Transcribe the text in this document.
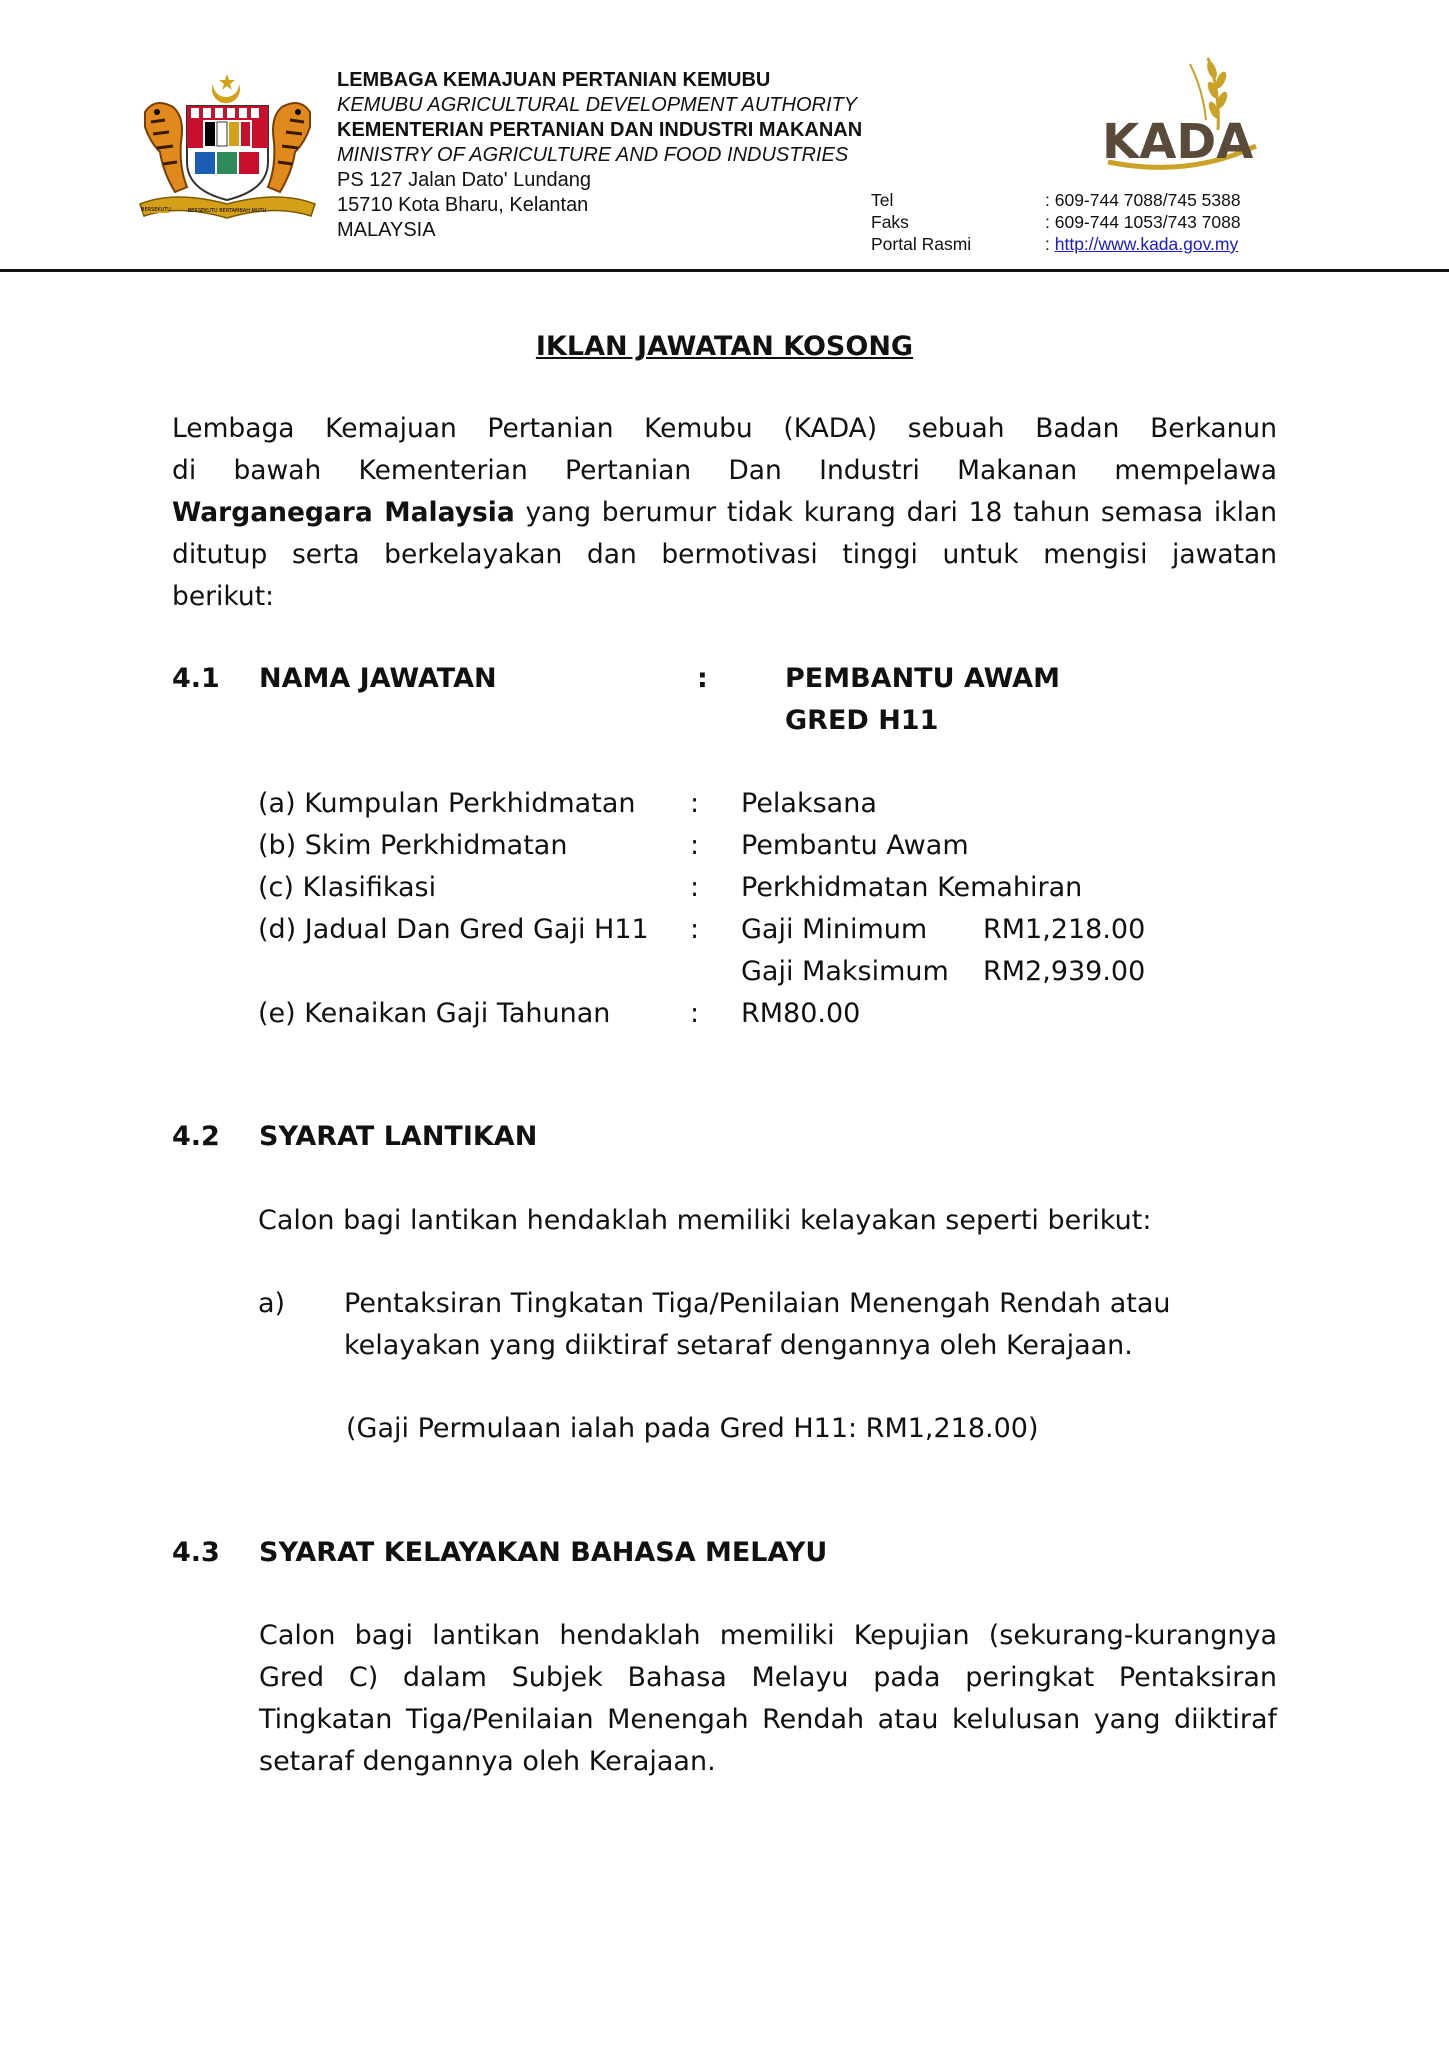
BERSEKUTU	BERSEKUTU BERTAMBAH MUTU
LEMBAGA KEMAJUAN PERTANIAN KEMUBU
KEMUBU AGRICULTURAL DEVELOPMENT AUTHORITY
KEMENTERIAN PERTANIAN DAN INDUSTRI MAKANAN
MINISTRY OF AGRICULTURE AND FOOD INDUSTRIES
PS 127 Jalan Dato' Lundang
15710 Kota Bharu, Kelantan
MALAYSIA
KADA
Tel	: 609-744 7088/745 5388
Faks	: 609-744 1053/743 7088
Portal Rasmi	: http://www.kada.gov.my
IKLAN JAWATAN KOSONG
Lembaga Kemajuan Pertanian Kemubu (KADA) sebuah Badan Berkanun
di bawah Kementerian Pertanian Dan Industri Makanan mempelawa
Warganegara Malaysia yang berumur tidak kurang dari 18 tahun semasa iklan
ditutup serta berkelayakan dan bermotivasi tinggi untuk mengisi jawatan
berikut:
4.1 NAMA JAWATAN	:	PEMBANTU AWAM
GRED H11
(a) Kumpulan Perkhidmatan : Pelaksana
(b) Skim Perkhidmatan	: Pembantu Awam
(c) Klasifikasi	: Perkhidmatan Kemahiran
(d) Jadual Dan Gred Gaji H11 : Gaji Minimum RM1,218.00
Gaji Maksimum RM2,939.00
(e) Kenaikan Gaji Tahunan	: RM80.00
4.2 SYARAT LANTIKAN
Calon bagi lantikan hendaklah memiliki kelayakan seperti berikut:
a) Pentaksiran Tingkatan Tiga/Penilaian Menengah Rendah atau
kelayakan yang diiktiraf setaraf dengannya oleh Kerajaan.
(Gaji Permulaan ialah pada Gred H11: RM1,218.00)
4.3 SYARAT KELAYAKAN BAHASA MELAYU
Calon bagi lantikan hendaklah memiliki Kepujian (sekurang-kurangnya
Gred C) dalam Subjek Bahasa Melayu pada peringkat Pentaksiran
Tingkatan Tiga/Penilaian Menengah Rendah atau kelulusan yang diiktiraf
setaraf dengannya oleh Kerajaan.
